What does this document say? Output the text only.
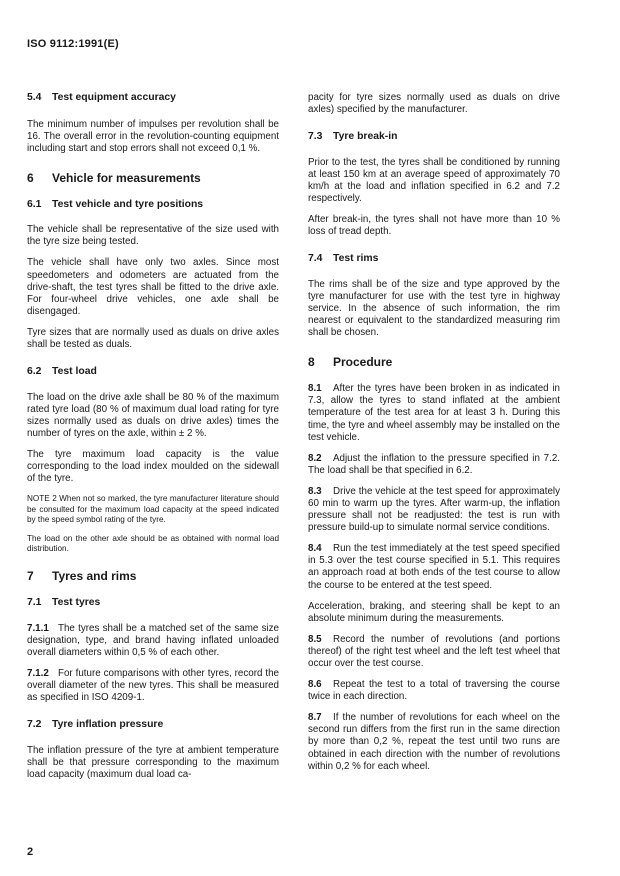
ISO 9112:1991(E)
5.4 Test equipment accuracy

The minimum number of impulses per revolution shall be 16. The overall error in the revolution-counting equipment including start and stop errors shall not exceed 0,1 %.

6 Vehicle for measurements
6.1 Test vehicle and tyre positions

The vehicle shall be representative of the size used with the tyre size being tested.

The vehicle shall have only two axles. Since most speedometers and odometers are actuated from the drive-shaft, the test tyres shall be fitted to the drive axle. For four-wheel drive vehicles, one axle shall be disengaged.

Tyre sizes that are normally used as duals on drive axles shall be tested as duals.

6.2 Test load

The load on the drive axle shall be 80 % of the maximum rated tyre load (80 % of maximum dual load rating for tyre sizes normally used as duals on drive axles) times the number of tyres on the axle, within ± 2 %.

The tyre maximum load capacity is the value corresponding to the load index moulded on the sidewall of the tyre.

NOTE 2 When not so marked, the tyre manufacturer literature should be consulted for the maximum load capacity at the speed indicated by the speed symbol rating of the tyre.

The load on the other axle should be as obtained with normal load distribution.

7 Tyres and rims
7.1 Test tyres

7.1.1 The tyres shall be a matched set of the same size designation, type, and brand having inflated unloaded overall diameters within 0,5 % of each other.

7.1.2 For future comparisons with other tyres, record the overall diameter of the new tyres. This shall be measured as specified in ISO 4209-1.

7.2 Tyre inflation pressure

The inflation pressure of the tyre at ambient temperature shall be that pressure corresponding to the maximum load capacity (maximum dual load ca-

pacity for tyre sizes normally used as duals on drive axles) specified by the manufacturer.

7.3 Tyre break-in

Prior to the test, the tyres shall be conditioned by running at least 150 km at an average speed of approximately 70 km/h at the load and inflation specified in 6.2 and 7.2 respectively.

After break-in, the tyres shall not have more than 10 % loss of tread depth.

7.4 Test rims

The rims shall be of the size and type approved by the tyre manufacturer for use with the test tyre in highway service. In the absence of such information, the rim nearest or equivalent to the standardized measuring rim shall be chosen.

8 Procedure

8.1 After the tyres have been broken in as indicated in 7.3, allow the tyres to stand inflated at the ambient temperature of the test area for at least 3 h. During this time, the tyre and wheel assembly may be installed on the test vehicle.

8.2 Adjust the inflation to the pressure specified in 7.2. The load shall be that specified in 6.2.

8.3 Drive the vehicle at the test speed for approximately 60 min to warm up the tyres. After warm-up, the inflation pressure shall not be readjusted: the test is run with pressure build-up to simulate normal service conditions.

8.4 Run the test immediately at the test speed specified in 5.3 over the test course specified in 5.1. This requires an approach road at both ends of the test course to allow the course to be entered at the test speed.

Acceleration, braking, and steering shall be kept to an absolute minimum during the measurements.

8.5 Record the number of revolutions (and portions thereof) of the right test wheel and the left test wheel that occur over the test course.

8.6 Repeat the test to a total of traversing the course twice in each direction.

8.7 If the number of revolutions for each wheel on the second run differs from the first run in the same direction by more than 0,2 %, repeat the test until two runs are obtained in each direction with the number of revolutions within 0,2 % for each wheel.

2
